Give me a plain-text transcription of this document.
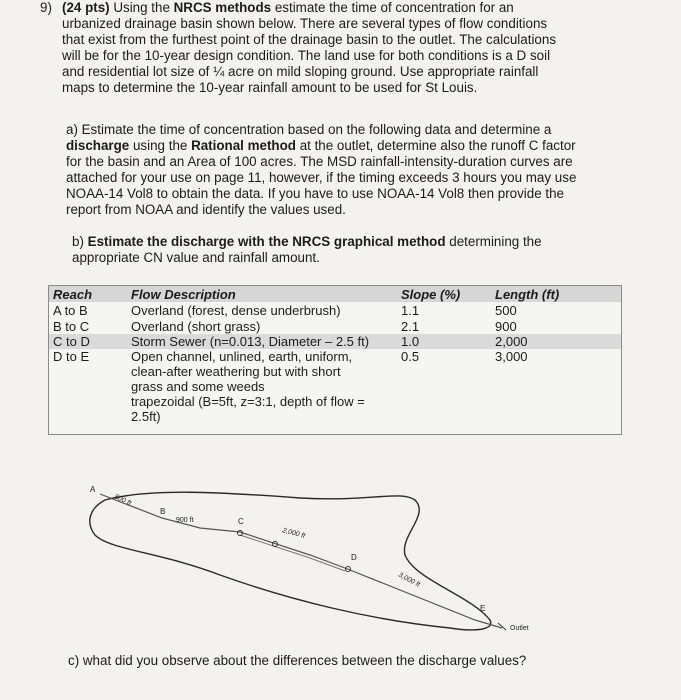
9) (24 pts) Using the NRCS methods estimate the time of concentration for an
urbanized drainage basin shown below. There are several types of flow conditions
that exist from the furthest point of the drainage basin to the outlet. The calculations
will be for the 10-year design condition. The land use for both conditions is a D soil
and residential lot size of ¼ acre on mild sloping ground. Use appropriate rainfall
maps to determine the 10-year rainfall amount to be used for St Louis.
a) Estimate the time of concentration based on the following data and determine a
discharge using the Rational method at the outlet, determine also the runoff C factor
for the basin and an Area of 100 acres. The MSD rainfall-intensity-duration curves are
attached for your use on page 11, however, if the timing exceeds 3 hours you may use
NOAA-14 Vol8 to obtain the data. If you have to use NOAA-14 Vol8 then provide the
report from NOAA and identify the values used.
b) Estimate the discharge with the NRCS graphical method determining the
appropriate CN value and rainfall amount.
Reach	Flow Description	Slope (%)	Length (ft)
A to B	Overland (forest, dense underbrush)	1.1	500
B to C	Overland (short grass)	2.1	900
C to D	Storm Sewer (n=0.013, Diameter – 2.5 ft) 1.0	2,000
D to E	Open channel, unlined, earth, uniform,
clean-after weathering but with short
grass and some weeds
trapezoidal (B=5ft, z=3:1, depth of flow =
2.5ft)
0.5	3,000
A
B
C
D
E
Outlet
500 ft
900 ft
2,000 ft
3,000 ft
c) what did you observe about the differences between the discharge values?
